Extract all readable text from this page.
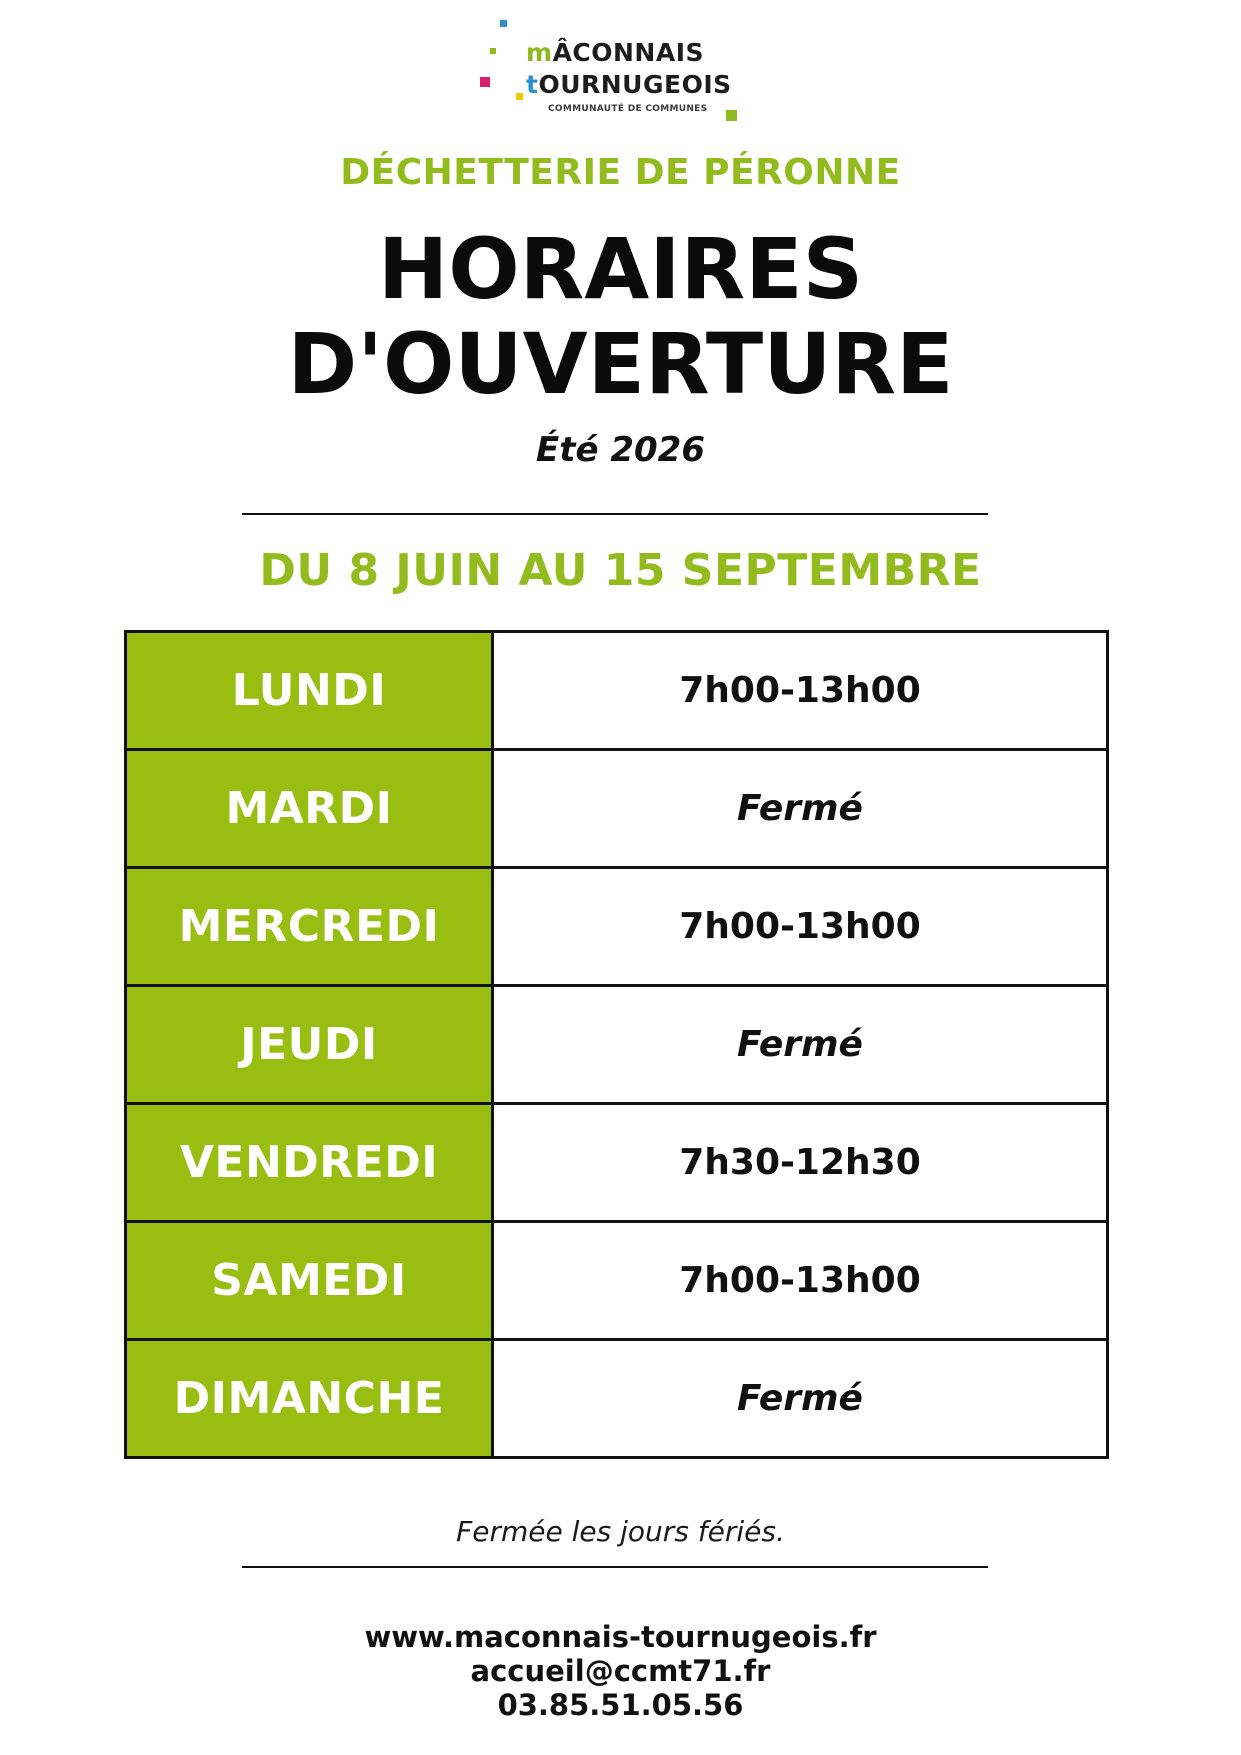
mÂCONNAIS
tOURNUGEOIS
COMMUNAUTÉ DE COMMUNES
DÉCHETTERIE DE PÉRONNE
HORAIRES
D'OUVERTURE
Été 2026
DU 8 JUIN AU 15 SEPTEMBRE
LUNDI	7h00-13h00
MARDI	Fermé
MERCREDI	7h00-13h00
JEUDI	Fermé
VENDREDI	7h30-12h30
SAMEDI	7h00-13h00
DIMANCHE	Fermé
Fermée les jours fériés.
www.maconnais-tournugeois.fr
accueil@ccmt71.fr
03.85.51.05.56
